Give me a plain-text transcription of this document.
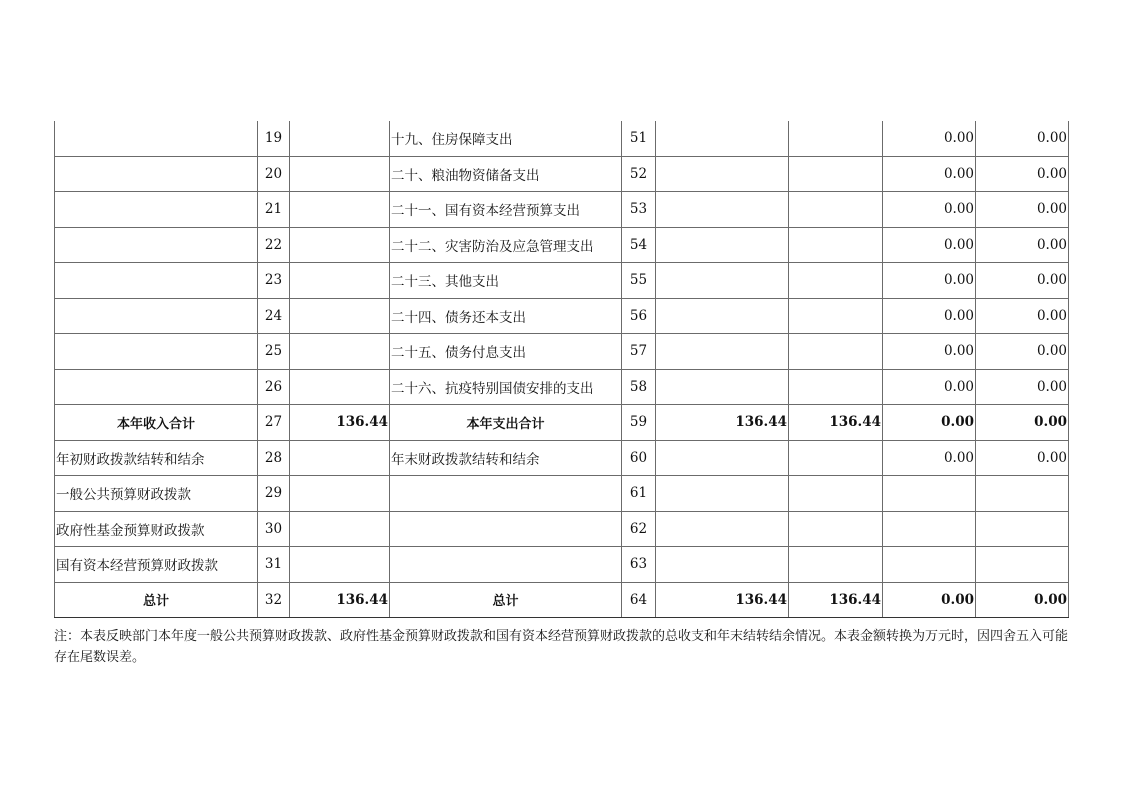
	19		十九、住房保障支出	51			0.00	0.00
	20		二十、粮油物资储备支出	52			0.00	0.00
	21		二十一、国有资本经营预算支出	53			0.00	0.00
	22		二十二、灾害防治及应急管理支出	54			0.00	0.00
	23		二十三、其他支出	55			0.00	0.00
	24		二十四、债务还本支出	56			0.00	0.00
	25		二十五、债务付息支出	57			0.00	0.00
	26		二十六、抗疫特别国债安排的支出	58			0.00	0.00
本年收入合计	27	136.44	本年支出合计	59	136.44	136.44	0.00	0.00
年初财政拨款结转和结余	28		年末财政拨款结转和结余	60			0.00	0.00
一般公共预算财政拨款	29			61				
政府性基金预算财政拨款	30			62				
国有资本经营预算财政拨款	31			63				
总计	32	136.44	总计	64	136.44	136.44	0.00	0.00
注：本表反映部门本年度一般公共预算财政拨款、政府性基金预算财政拨款和国有资本经营预算财政拨款的总收支和年末结转结余情况。本表金额转换为万元时，因四舍五入可能存在尾数误差。
